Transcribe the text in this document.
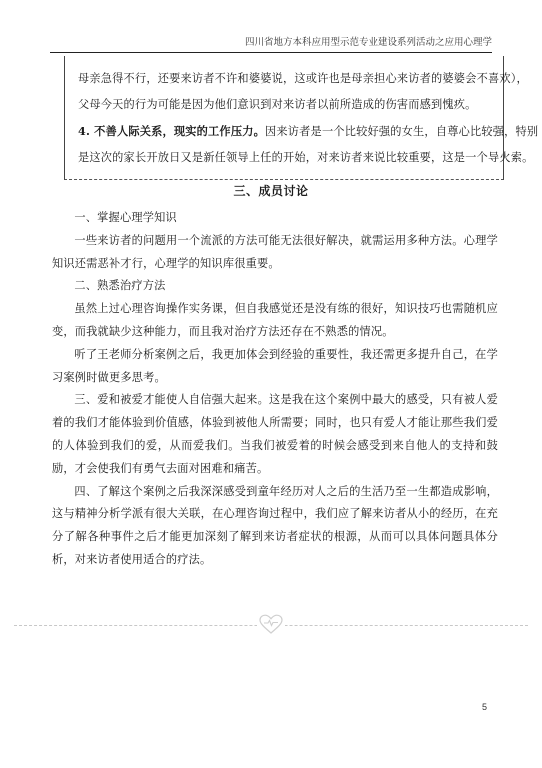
四川省地方本科应用型示范专业建设系列活动之应用心理学

母亲急得不行，还要来访者不许和婆婆说，这或许也是母亲担心来访者的婆婆会不喜欢），

父母今天的行为可能是因为他们意识到对来访者以前所造成的伤害而感到愧疚。

4. 不善人际关系，现实的工作压力。因来访者是一个比较好强的女生，自尊心比较强，特别

是这次的家长开放日又是新任领导上任的开始，对来访者来说比较重要，这是一个导火索。

三、成员讨论

一、掌握心理学知识

一些来访者的问题用一个流派的方法可能无法很好解决，就需运用多种方法。心理学知识还需恶补才行，心理学的知识库很重要。

二、熟悉治疗方法

虽然上过心理咨询操作实务课，但自我感觉还是没有练的很好，知识技巧也需随机应变，而我就缺少这种能力，而且我对治疗方法还存在不熟悉的情况。

听了王老师分析案例之后，我更加体会到经验的重要性，我还需更多提升自己，在学习案例时做更多思考。

三、爱和被爱才能使人自信强大起来。这是我在这个案例中最大的感受，只有被人爱着的我们才能体验到价值感，体验到被他人所需要；同时，也只有爱人才能让那些我们爱的人体验到我们的爱，从而爱我们。当我们被爱着的时候会感受到来自他人的支持和鼓励，才会使我们有勇气去面对困难和痛苦。

四、了解这个案例之后我深深感受到童年经历对人之后的生活乃至一生都造成影响，这与精神分析学派有很大关联，在心理咨询过程中，我们应了解来访者从小的经历，在充分了解各种事件之后才能更加深刻了解到来访者症状的根源，从而可以具体问题具体分析，对来访者使用适合的疗法。

5
